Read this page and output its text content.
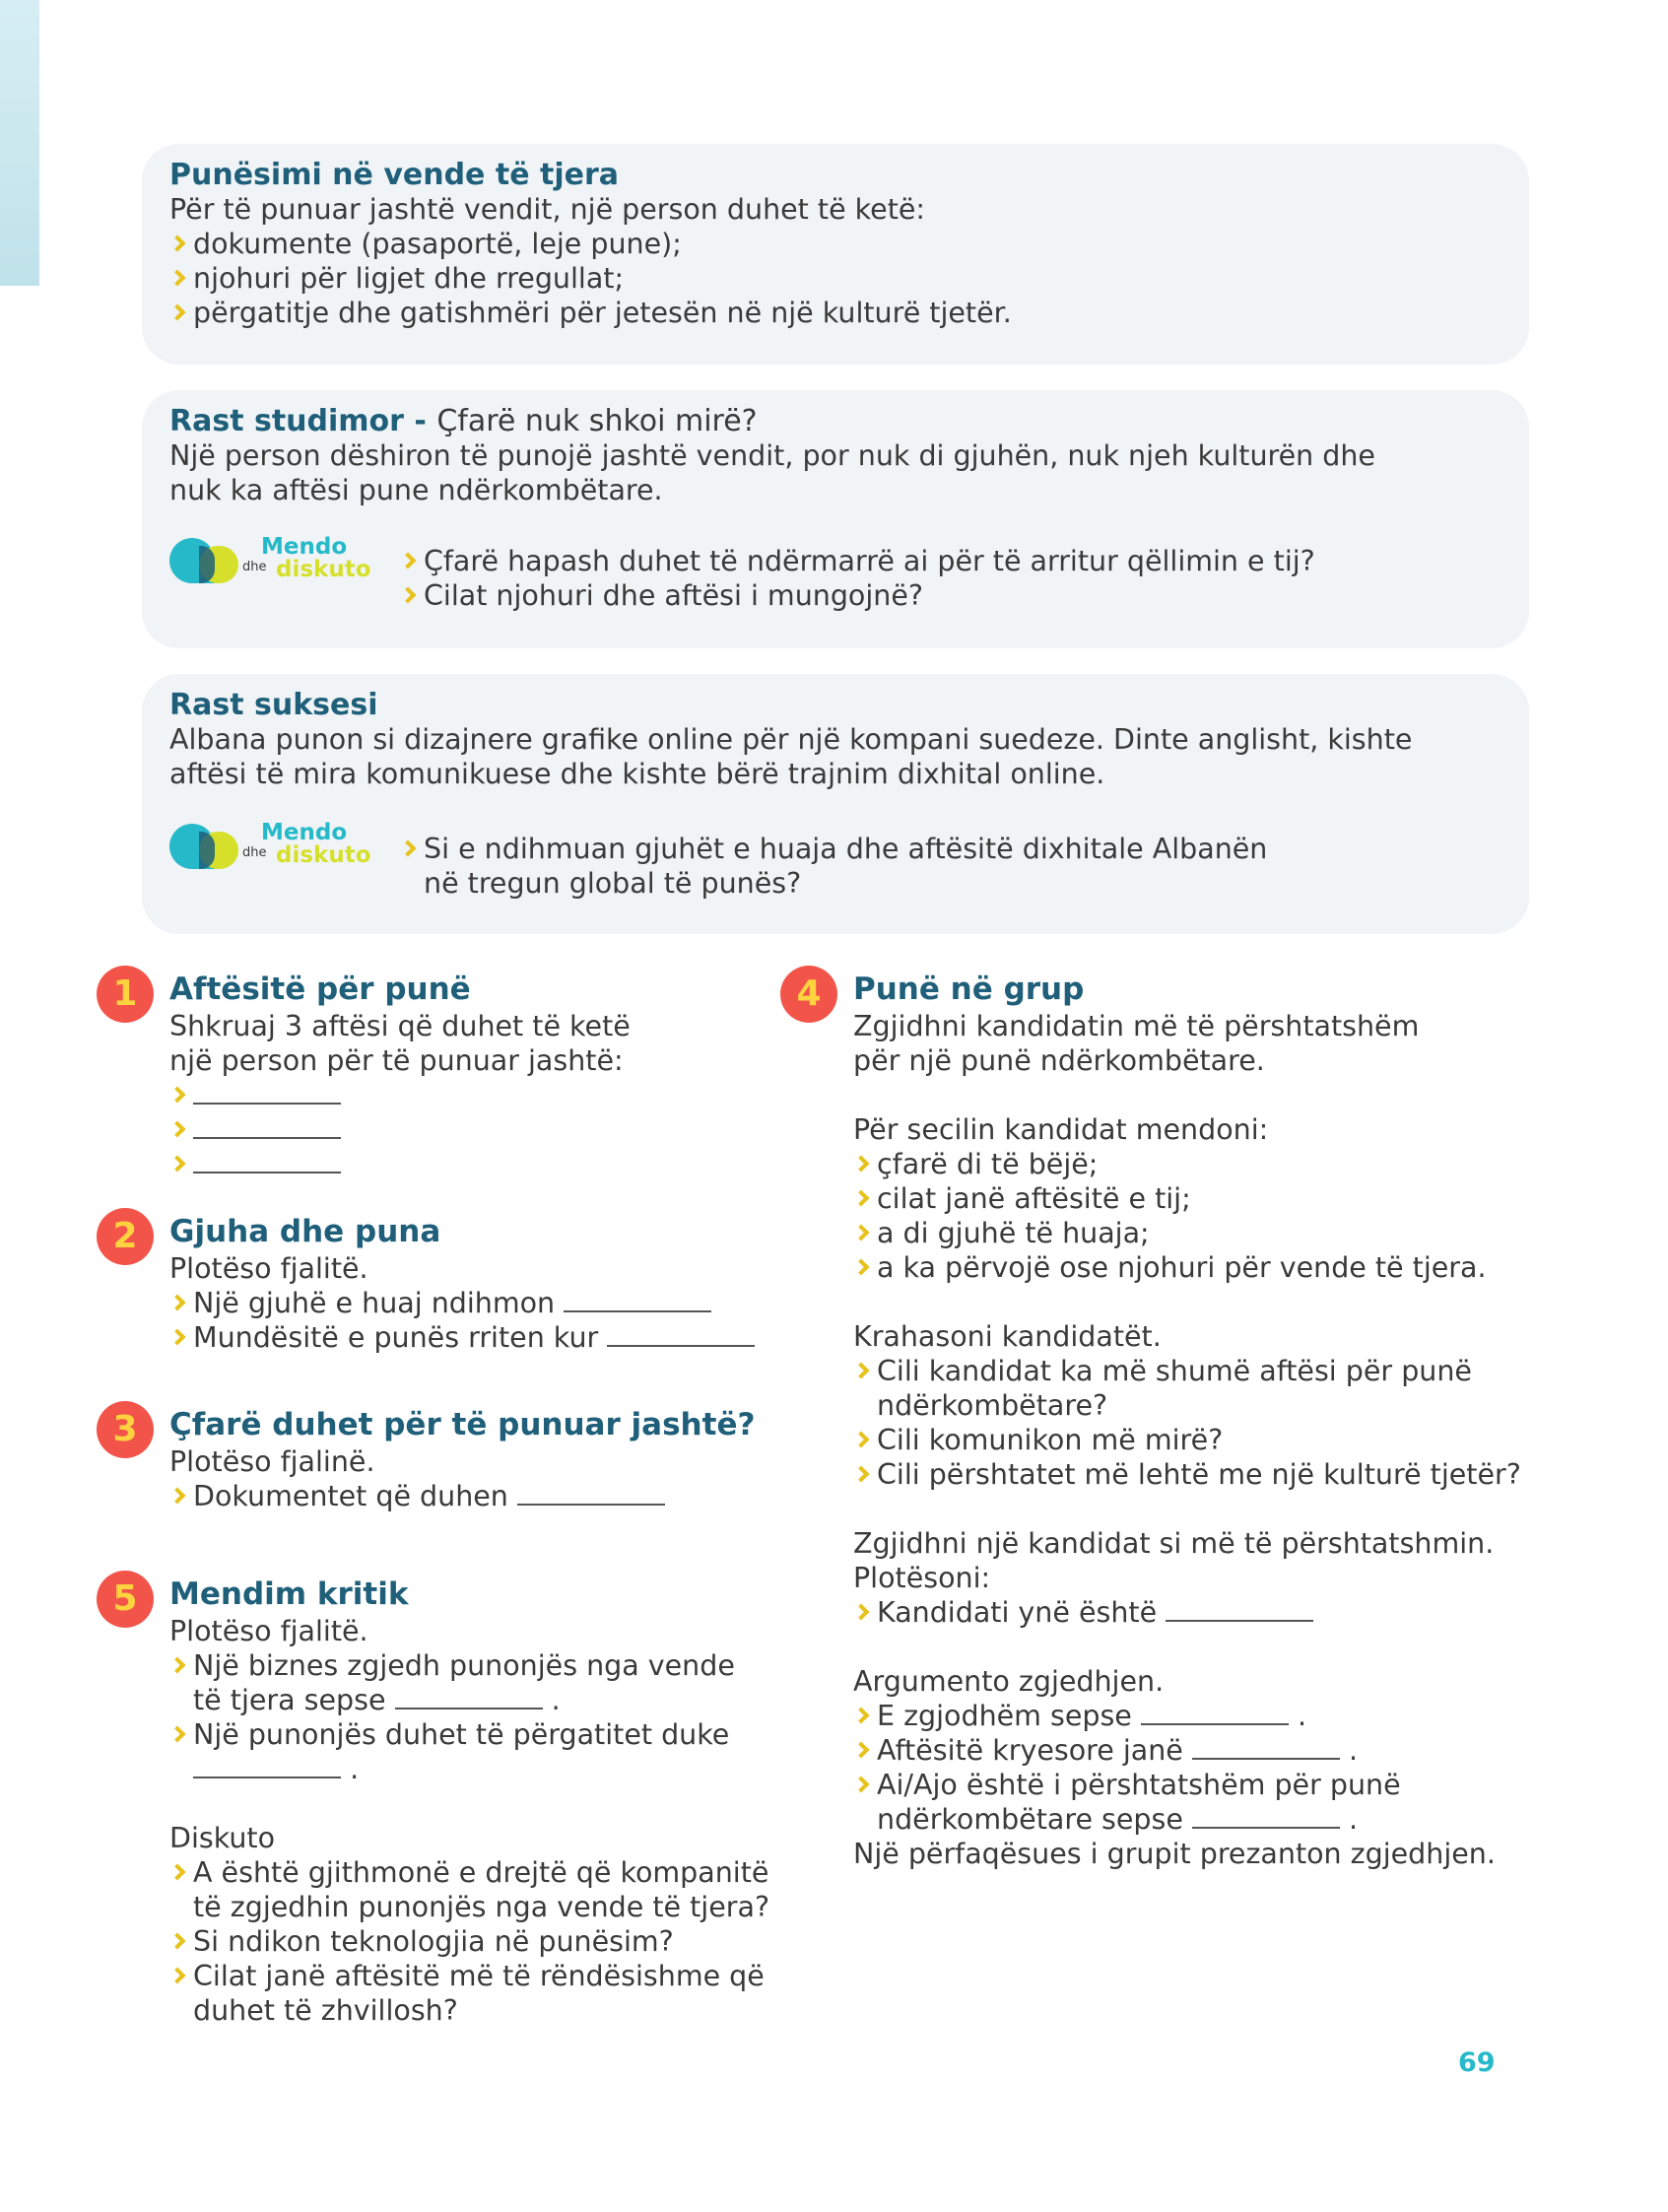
Punësimi në vende të tjera
Për të punuar jashtë vendit, një person duhet të ketë:
dokumente (pasaportë, leje pune);
njohuri për ligjet dhe rregullat;
përgatitje dhe gatishmëri për jetesën në një kulturë tjetër.
Rast studimor - Çfarë nuk shkoi mirë?
Një person dëshiron të punojë jashtë vendit, por nuk di gjuhën, nuk njeh kulturën dhe
nuk ka aftësi pune ndërkombëtare.
Mendo
dhe diskuto	Çfarë hapash duhet të ndërmarrë ai për të arritur qëllimin e tij?
Cilat njohuri dhe aftësi i mungojnë?
Rast suksesi
Albana punon si dizajnere grafike online për një kompani suedeze. Dinte anglisht, kishte
aftësi të mira komunikuese dhe kishte bërë trajnim dixhital online.
Mendo
dhe diskuto	Si e ndihmuan gjuhët e huaja dhe aftësitë dixhitale Albanën
në tregun global të punës?
1	Aftësitë për punë
Shkruaj 3 aftësi që duhet të ketë
një person për të punuar jashtë:
2	Gjuha dhe puna
Plotëso fjalitë.
Një gjuhë e huaj ndihmon
Mundësitë e punës rriten kur
3	Çfarë duhet për të punuar jashtë?
Plotëso fjalinë.
Dokumentet që duhen
5	Mendim kritik
Plotëso fjalitë.
Një biznes zgjedh punonjës nga vende
të tjera sepse	.
Një punonjës duhet të përgatitet duke
.
Diskuto
A është gjithmonë e drejtë që kompanitë
të zgjedhin punonjës nga vende të tjera?
Si ndikon teknologjia në punësim?
Cilat janë aftësitë më të rëndësishme që
duhet të zhvillosh?
4	Punë në grup
Zgjidhni kandidatin më të përshtatshëm
për një punë ndërkombëtare.
Për secilin kandidat mendoni:
çfarë di të bëjë;
cilat janë aftësitë e tij;
a di gjuhë të huaja;
a ka përvojë ose njohuri për vende të tjera.
Krahasoni kandidatët.
Cili kandidat ka më shumë aftësi për punë
ndërkombëtare?
Cili komunikon më mirë?
Cili përshtatet më lehtë me një kulturë tjetër?
Zgjidhni një kandidat si më të përshtatshmin.
Plotësoni:
Kandidati ynë është
Argumento zgjedhjen.
E zgjodhëm sepse	.
Aftësitë kryesore janë	.
Ai/Ajo është i përshtatshëm për punë
ndërkombëtare sepse	.
Një përfaqësues i grupit prezanton zgjedhjen.
69
